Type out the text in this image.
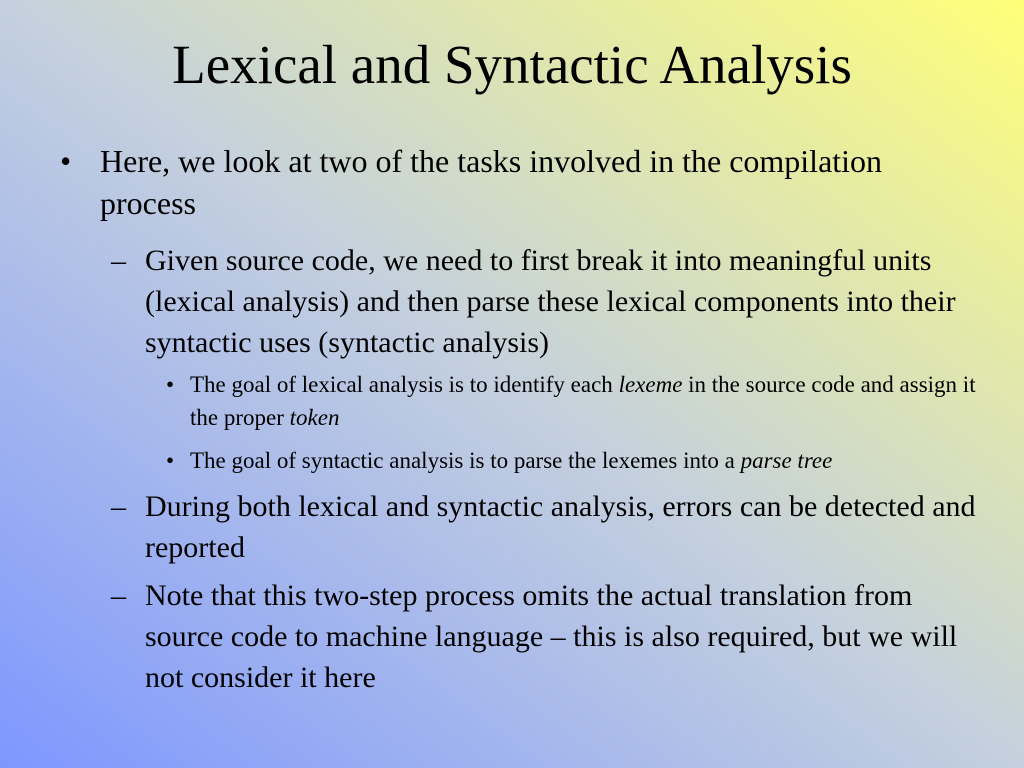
Lexical and Syntactic Analysis
• Here, we look at two of the tasks involved in the compilation process
– Given source code, we need to first break it into meaningful units (lexical analysis) and then parse these lexical components into their syntactic uses (syntactic analysis)
• The goal of lexical analysis is to identify each lexeme in the source code and assign it the proper token
• The goal of syntactic analysis is to parse the lexemes into a parse tree
– During both lexical and syntactic analysis, errors can be detected and reported
– Note that this two-step process omits the actual translation from source code to machine language – this is also required, but we will not consider it here
